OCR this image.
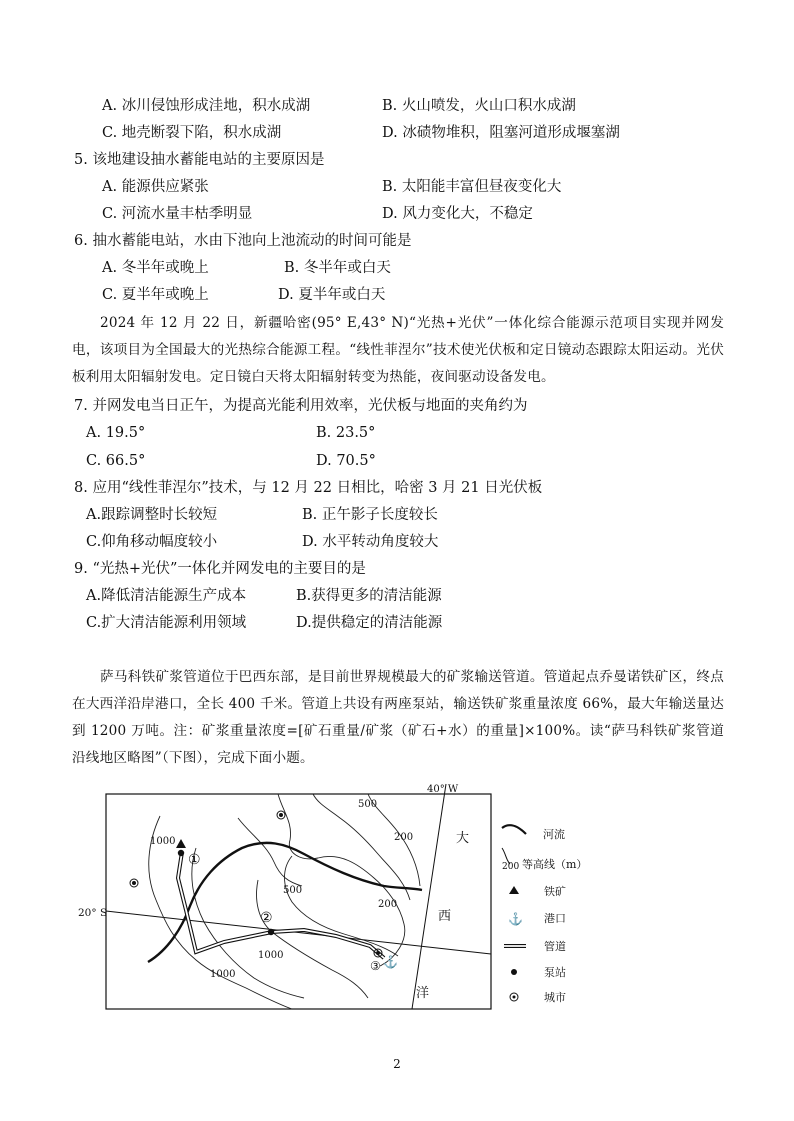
A. 冰川侵蚀形成洼地，积水成湖	B. 火山喷发，火山口积水成湖
C. 地壳断裂下陷，积水成湖	D. 冰碛物堆积，阻塞河道形成堰塞湖
5. 该地建设抽水蓄能电站的主要原因是
A. 能源供应紧张	B. 太阳能丰富但昼夜变化大
C. 河流水量丰枯季明显	D. 风力变化大，不稳定
6. 抽水蓄能电站，水由下池向上池流动的时间可能是
A. 冬半年或晚上	B. 冬半年或白天
C. 夏半年或晚上	D. 夏半年或白天
2024 年 12 月 22 日，新疆哈密(95° E,43° N)“光热+光伏”一体化综合能源示范项目实现并网发电，该项目为全国最大的光热综合能源工程。“线性菲涅尔”技术使光伏板和定日镜动态跟踪太阳运动。光伏板利用太阳辐射发电。定日镜白天将太阳辐射转变为热能，夜间驱动设备发电。
7. 并网发电当日正午，为提高光能利用效率，光伏板与地面的夹角约为
A. 19.5°	B. 23.5°
C. 66.5°	D. 70.5°
8. 应用“线性菲涅尔”技术，与 12 月 22 日相比，哈密 3 月 21 日光伏板
A.跟踪调整时长较短	B. 正午影子长度较长
C.仰角移动幅度较小	D. 水平转动角度较大
9. “光热+光伏”一体化并网发电的主要目的是
A.降低清洁能源生产成本	B.获得更多的清洁能源
C.扩大清洁能源利用领域	D.提供稳定的清洁能源
萨马科铁矿浆管道位于巴西东部，是目前世界规模最大的矿浆输送管道。管道起点乔曼诺铁矿区，终点在大西洋沿岸港口，全长 400 千米。管道上共设有两座泵站，输送铁矿浆重量浓度 66%，最大年输送量达到 1200 万吨。注：矿浆重量浓度=[矿石重量/矿浆（矿石+水）的重量]×100%。读“萨马科铁矿浆管道沿线地区略图”（下图），完成下面小题。
40° W
20° S
①
②
③ ⚓
500
1000	200
500
200
1000
1000
大
西
洋
河流
200 等高线（m）
铁矿
⚓ 港口
管道
泵站
城市
2
